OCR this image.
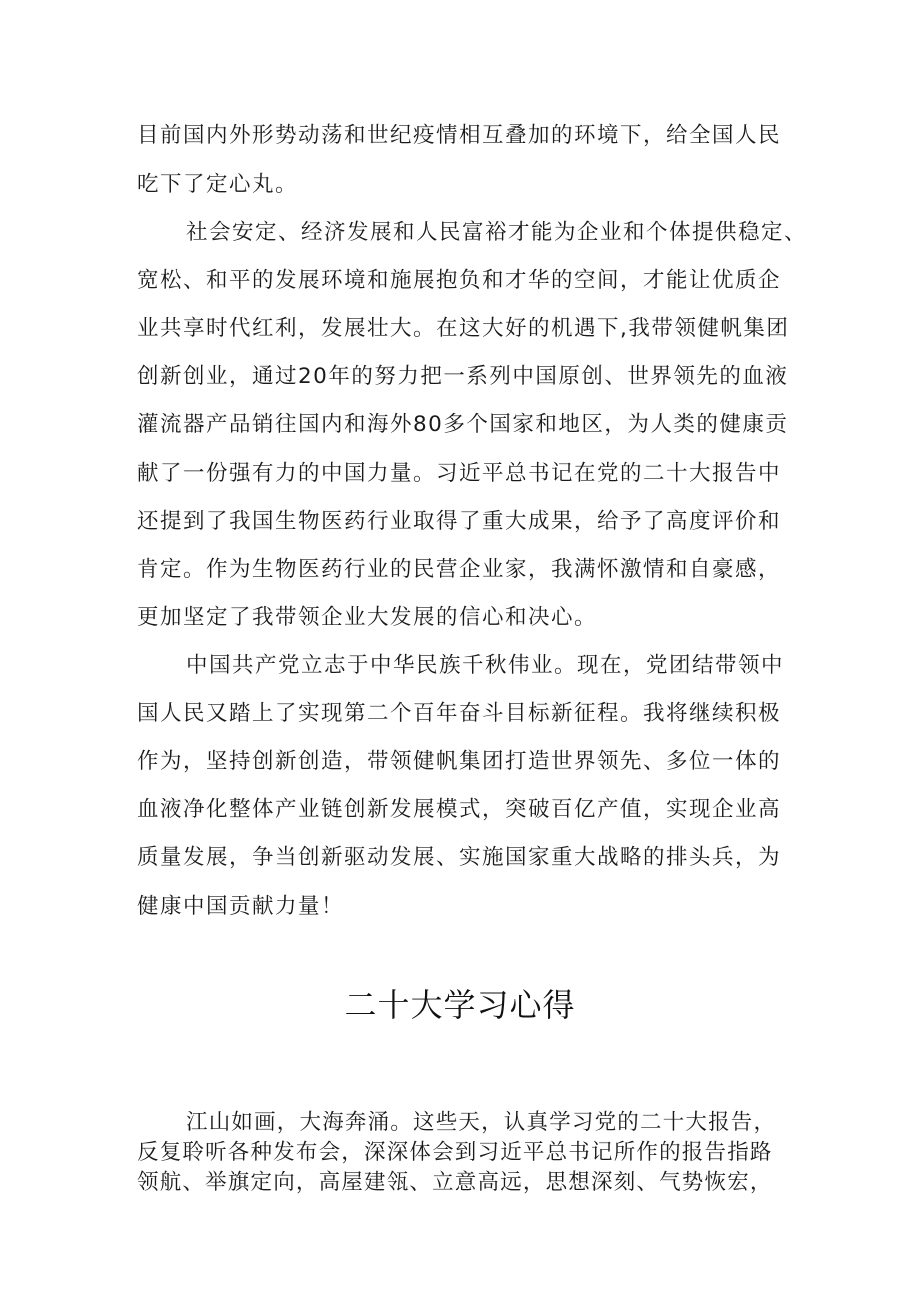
目前国内外形势动荡和世纪疫情相互叠加的环境下，给全国人民
吃下了定心丸。
社会安定、经济发展和人民富裕才能为企业和个体提供稳定、
宽松、和平的发展环境和施展抱负和才华的空间，才能让优质企
业共享时代红利，发展壮大。在这大好的机遇下,我带领健帆集团
创新创业，通过20年的努力把一系列中国原创、世界领先的血液
灌流器产品销往国内和海外80多个国家和地区，为人类的健康贡
献了一份强有力的中国力量。习近平总书记在党的二十大报告中
还提到了我国生物医药行业取得了重大成果，给予了高度评价和
肯定。作为生物医药行业的民营企业家，我满怀激情和自豪感，
更加坚定了我带领企业大发展的信心和决心。
中国共产党立志于中华民族千秋伟业。现在，党团结带领中
国人民又踏上了实现第二个百年奋斗目标新征程。我将继续积极
作为，坚持创新创造，带领健帆集团打造世界领先、多位一体的
血液净化整体产业链创新发展模式，突破百亿产值，实现企业高
质量发展，争当创新驱动发展、实施国家重大战略的排头兵，为
健康中国贡献力量！
二十大学习心得
江山如画，大海奔涌。这些天，认真学习党的二十大报告，
反复聆听各种发布会，深深体会到习近平总书记所作的报告指路
领航、举旗定向，高屋建瓴、立意高远，思想深刻、气势恢宏，
